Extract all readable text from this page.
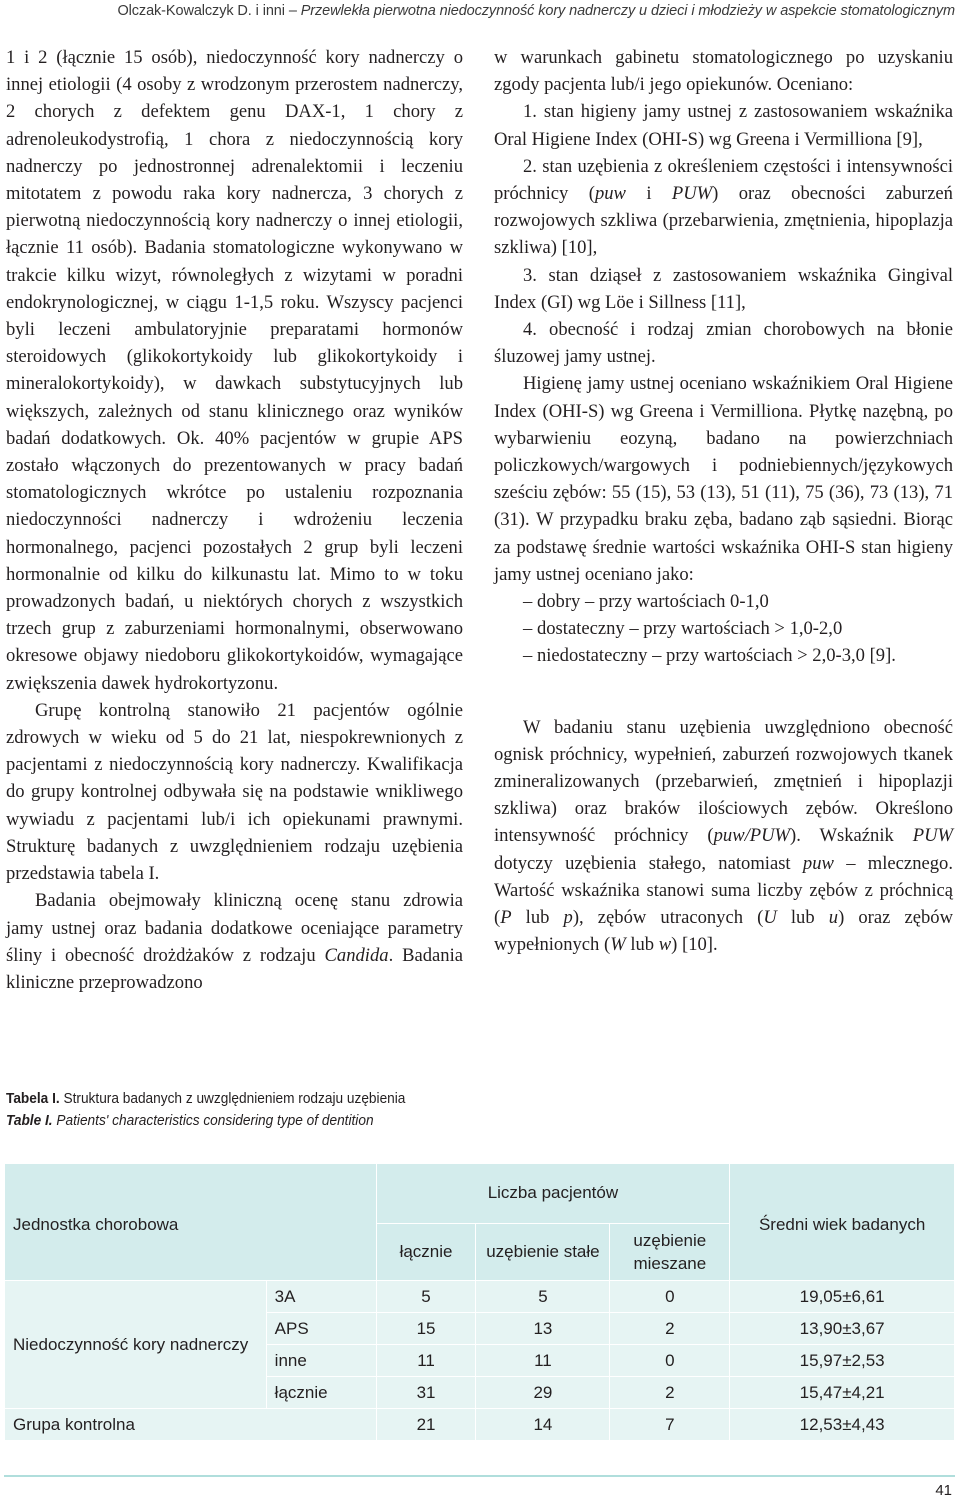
Olczak-Kowalczyk D. i inni – Przewlekła pierwotna niedoczynność kory nadnerczy u dzieci i młodzieży w aspekcie stomatologicznym

1 i 2 (łącznie 15 osób), niedoczynność kory nadnerczy o innej etiologii (4 osoby z wrodzonym przerostem nadnerczy, 2 chorych z defektem genu DAX-1, 1 chory z adrenoleukodystrofią, 1 chora z niedoczynnością kory nadnerczy po jednostronnej adrenalektomii i leczeniu mitotatem z powodu raka kory nadnercza, 3 chorych z pierwotną niedoczynnością kory nadnerczy o innej etiologii, łącznie 11 osób). Badania stomatologiczne wykonywano w trakcie kilku wizyt, równoległych z wizytami w poradni endokrynologicznej, w ciągu 1-1,5 roku. Wszyscy pacjenci byli leczeni ambulatoryjnie preparatami hormonów steroidowych (glikokortykoidy lub glikokortykoidy i mineralokortykoidy), w dawkach substytucyjnych lub większych, zależnych od stanu klinicznego oraz wyników badań dodatkowych. Ok. 40% pacjentów w grupie APS zostało włączonych do prezentowanych w pracy badań stomatologicznych wkrótce po ustaleniu rozpoznania niedoczynności nadnerczy i wdrożeniu leczenia hormonalnego, pacjenci pozostałych 2 grup byli leczeni hormonalnie od kilku do kilkunastu lat. Mimo to w toku prowadzonych badań, u niektórych chorych z wszystkich trzech grup z zaburzeniami hormonalnymi, obserwowano okresowe objawy niedoboru glikokortykoidów, wymagające zwiększenia dawek hydrokortyzonu.

Grupę kontrolną stanowiło 21 pacjentów ogólnie zdrowych w wieku od 5 do 21 lat, niespokrewnionych z pacjentami z niedoczynnością kory nadnerczy. Kwalifikacja do grupy kontrolnej odbywała się na podstawie wnikliwego wywiadu z pacjentami lub/i ich opiekunami prawnymi. Strukturę badanych z uwzględnieniem rodzaju uzębienia przedstawia tabela I.

Badania obejmowały kliniczną ocenę stanu zdrowia jamy ustnej oraz badania dodatkowe oceniające parametry śliny i obecność drożdżaków z rodzaju Candida. Badania kliniczne przeprowadzono

w warunkach gabinetu stomatologicznego po uzyskaniu zgody pacjenta lub/i jego opiekunów. Oceniano:

1. stan higieny jamy ustnej z zastosowaniem wskaźnika Oral Higiene Index (OHI-S) wg Greena i Vermilliona [9],

2. stan uzębienia z określeniem częstości i intensywności próchnicy (puw i PUW) oraz obecności zaburzeń rozwojowych szkliwa (przebarwienia, zmętnienia, hipoplazja szkliwa) [10],

3. stan dziąseł z zastosowaniem wskaźnika Gingival Index (GI) wg Löe i Sillness [11],

4. obecność i rodzaj zmian chorobowych na błonie śluzowej jamy ustnej.

Higienę jamy ustnej oceniano wskaźnikiem Oral Higiene Index (OHI-S) wg Greena i Vermilliona. Płytkę nazębną, po wybarwieniu eozyną, badano na powierzchniach policzkowych/wargowych i podniebiennych/językowych sześciu zębów: 55 (15), 53 (13), 51 (11), 75 (36), 73 (13), 71 (31). W przypadku braku zęba, badano ząb sąsiedni. Biorąc za podstawę średnie wartości wskaźnika OHI-S stan higieny jamy ustnej oceniano jako:

– dobry – przy wartościach 0-1,0

– dostateczny – przy wartościach > 1,0-2,0

– niedostateczny – przy wartościach > 2,0-3,0 [9].

W badaniu stanu uzębienia uwzględniono obecność ognisk próchnicy, wypełnień, zaburzeń rozwojowych tkanek zmineralizowanych (przebarwień, zmętnień i hipoplazji szkliwa) oraz braków ilościowych zębów. Określono intensywność próchnicy (puw/PUW). Wskaźnik PUW dotyczy uzębienia stałego, natomiast puw – mlecznego. Wartość wskaźnika stanowi suma liczby zębów z próchnicą (P lub p), zębów utraconych (U lub u) oraz zębów wypełnionych (W lub w) [10].

Tabela I. Struktura badanych z uwzględnieniem rodzaju uzębienia
Table I. Patients' characteristics considering type of dentition
Jednostka chorobowa		Liczba pacjentów			Średni wiek badanych
		łącznie	uzębienie stałe	uzębienie mieszane	
Niedoczynność kory nadnerczy	3A	5	5	0	19,05±6,61
	APS	15	13	2	13,90±3,67
	inne	11	11	0	15,97±2,53
	łącznie	31	29	2	15,47±4,21
Grupa kontrolna		21	14	7	12,53±4,43
41
